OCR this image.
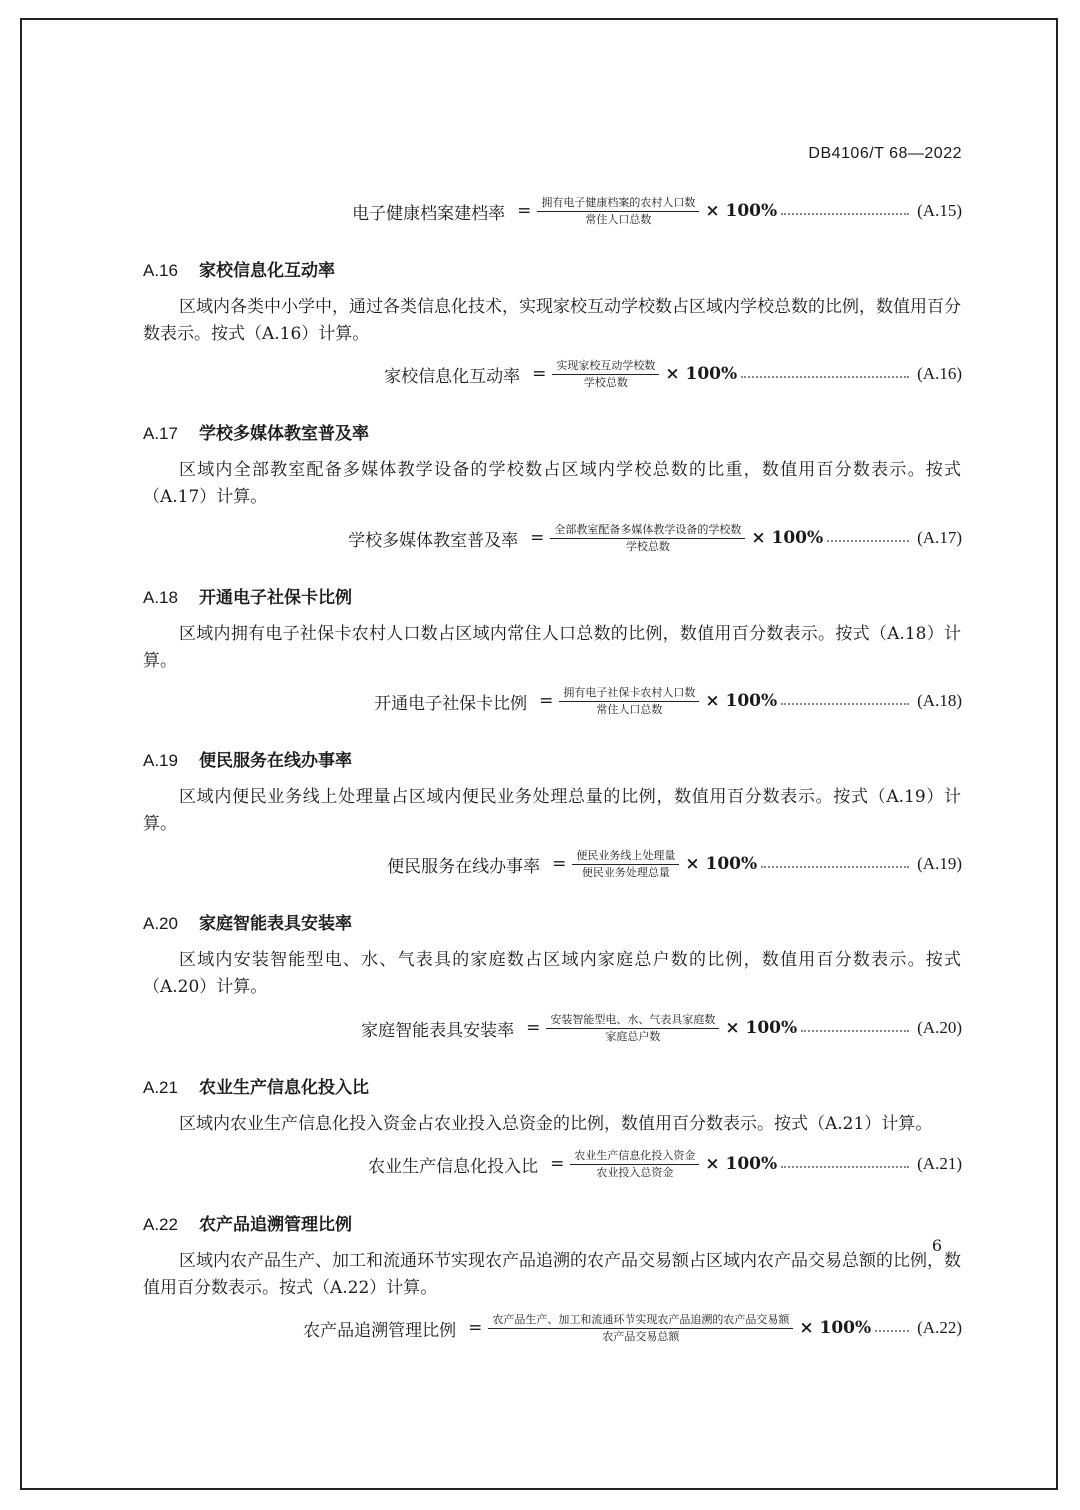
DB4106/T 68—2022
电子健康档案建档率 = $\frac{\text{拥有电子健康档案的农村人口数}}{\text{常住人口总数}} \times 100\%$	(A.15)
A.16 家校信息化互动率
区域内各类中小学中，通过各类信息化技术，实现家校互动学校数占区域内学校总数的比例，数值用百分数表示。按式（A.16）计算。
家校信息化互动率 = $\frac{\text{实现家校互动学校数}}{\text{学校总数}} \times 100\%$	(A.16)
A.17 学校多媒体教室普及率
区域内全部教室配备多媒体教学设备的学校数占区域内学校总数的比重，数值用百分数表示。按式（A.17）计算。
学校多媒体教室普及率 = $\frac{\text{全部教室配备多媒体教学设备的学校数}}{\text{学校总数}} \times 100\%$	(A.17)
A.18 开通电子社保卡比例
区域内拥有电子社保卡农村人口数占区域内常住人口总数的比例，数值用百分数表示。按式（A.18）计算。
开通电子社保卡比例 = $\frac{\text{拥有电子社保卡农村人口数}}{\text{常住人口总数}} \times 100\%$	(A.18)
A.19 便民服务在线办事率
区域内便民业务线上处理量占区域内便民业务处理总量的比例，数值用百分数表示。按式（A.19）计算。
便民服务在线办事率 = $\frac{\text{便民业务线上处理量}}{\text{便民业务处理总量}} \times 100\%$	(A.19)
A.20 家庭智能表具安装率
区域内安装智能型电、水、气表具的家庭数占区域内家庭总户数的比例，数值用百分数表示。按式（A.20）计算。
家庭智能表具安装率 = $\frac{\text{安装智能型电、水、气表具家庭数}}{\text{家庭总户数}} \times 100\%$	(A.20)
A.21 农业生产信息化投入比
区域内农业生产信息化投入资金占农业投入总资金的比例，数值用百分数表示。按式（A.21）计算。
农业生产信息化投入比 = $\frac{\text{农业生产信息化投入资金}}{\text{农业投入总资金}} \times 100\%$	(A.21)
A.22 农产品追溯管理比例
区域内农产品生产、加工和流通环节实现农产品追溯的农产品交易额占区域内农产品交易总额的比例，数值用百分数表示。按式（A.22）计算。
农产品追溯管理比例 = $\frac{\text{农产品生产、加工和流通环节实现农产品追溯的农产品交易额}}{\text{农产品交易总额}} \times 100\%$	(A.22)
6
